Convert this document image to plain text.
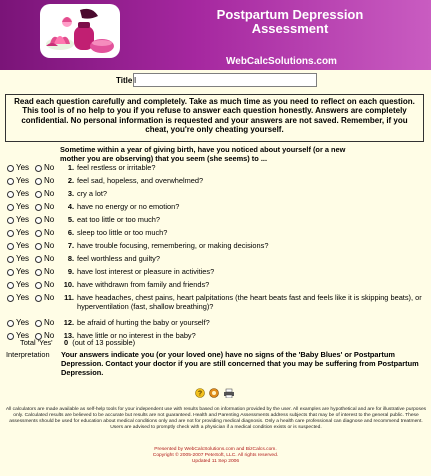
Postpartum Depression
Assessment
WebCalcSolutions.com
Title
I
Read each question carefully and completely. Take as much time as you need to reflect on each question. This tool is of no help to you if you refuse to answer each question honestly. Answers are completely confidential. No personal information is requested and your answers are not saved. Remember, if you cheat, you're only cheating yourself.
Sometime within a year of giving birth, have you noticed about yourself (or a new mother you are observing) that you seem (she seems) to ...
Yes No	1. feel restless or irritable?
Yes No	2. feel sad, hopeless, and overwhelmed?
Yes No	3. cry a lot?
Yes No	4. have no energy or no emotion?
Yes No	5. eat too little or too much?
Yes No	6. sleep too little or too much?
Yes No	7. have trouble focusing, remembering, or making decisions?
Yes No	8. feel worthless and guilty?
Yes No	9. have lost interest or pleasure in activities?
Yes No	10. have withdrawn from family and friends?
Yes No	11. have headaches, chest pains, heart palpitations (the heart beats fast and feels like it is skipping beats), or hyperventilation (fast, shallow breathing)?
Yes No	12. be afraid of hurting the baby or yourself?
Yes No	13. have little or no interest in the baby?
Total 'Yes' 0 (out of 13 possible)
Interpretation Your answers indicate you (or your loved one) have no signs of the 'Baby Blues' or Postpartum Depression. Contact your doctor if you are still concerned that you may be suffering from Postpartum Depression.
?
All calculators are made available as self-help tools for your independent use with results based on information provided by the user. All examples are hypothetical and are for illustrative purposes only. Calculated results are believed to be accurate but results are not guaranteed. Health and Parenting Assessments address subjects that may be of interest to the general public. These assessments should be used for education about medical conditions only and are not for providing medical diagnosis. Only a health care professional can diagnose and recommend treatment. Users are advised to promptly check with a physician if a medical condition exists or is suspected.
Presented by WebCalcSolutions.com and BizCalcs.com.
Copyright © 2005-2007 PeteSoft, LLC. All rights reserved.
Updated 11 Sep 2006
